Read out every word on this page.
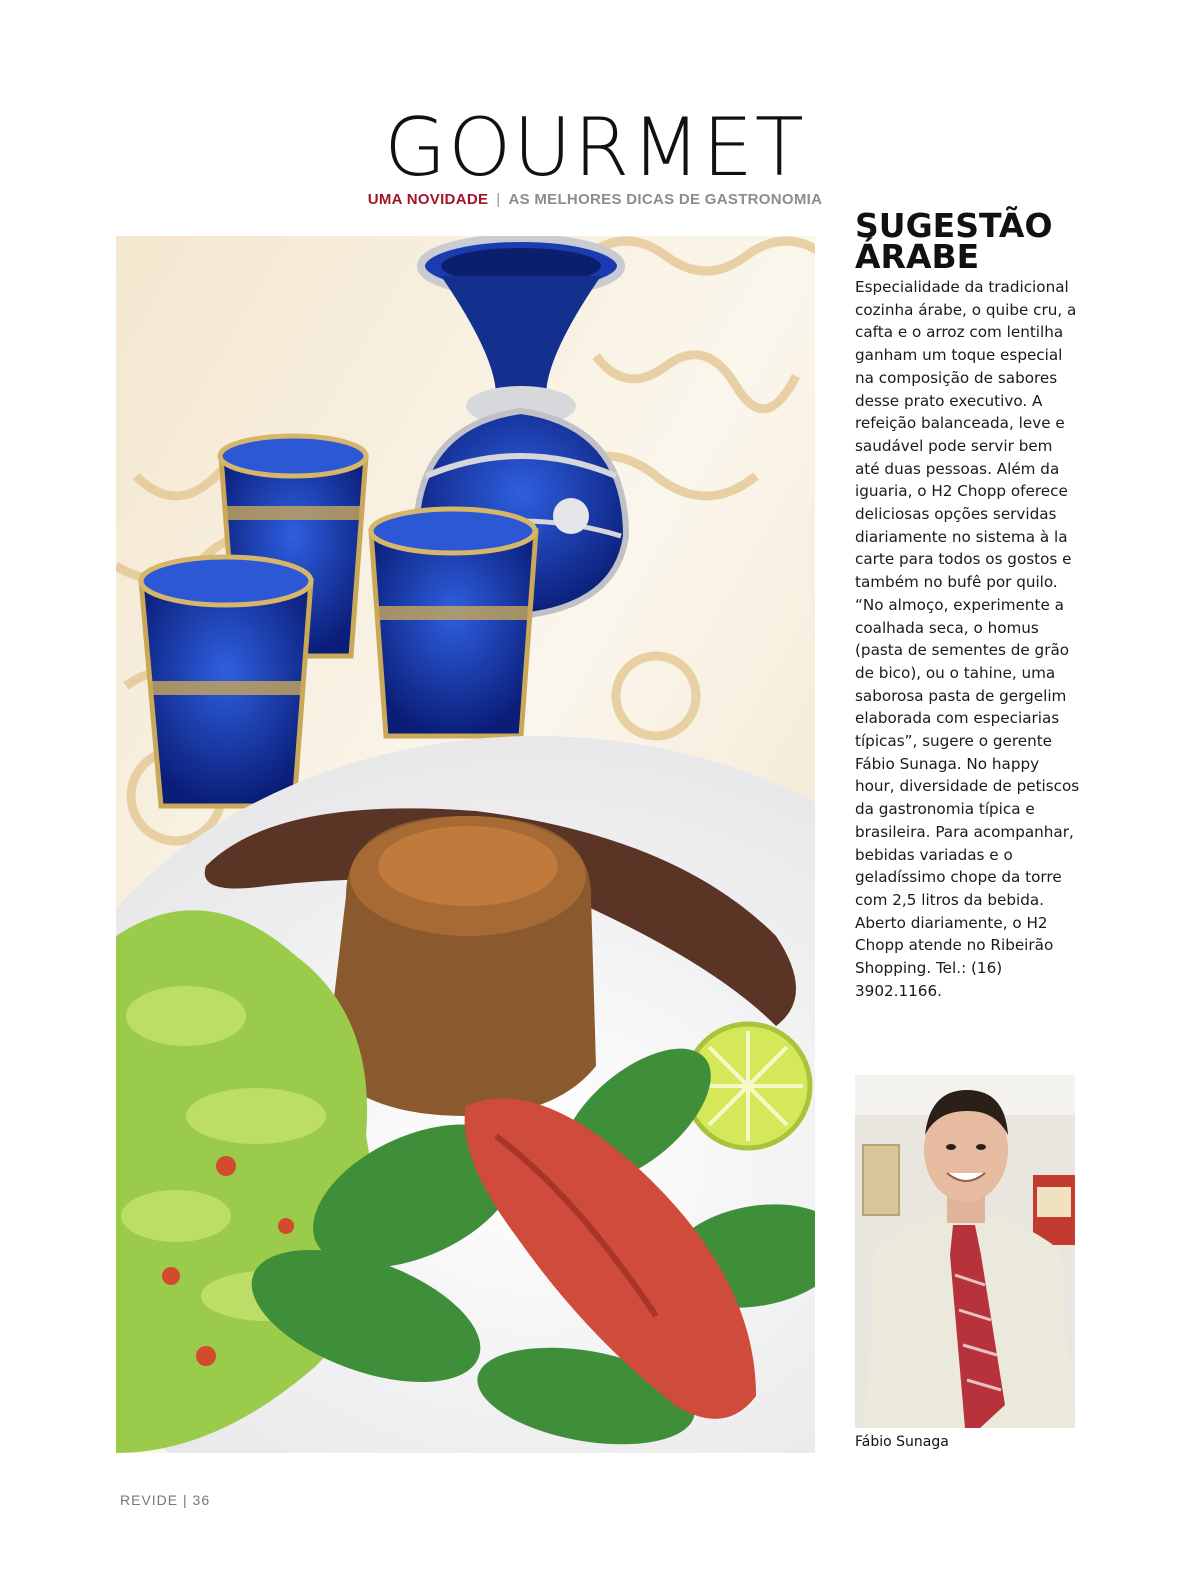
GOURMET
UMA NOVIDADE | AS MELHORES DICAS DE GASTRONOMIA
SUGESTÃO
ÁRABE

Especialidade da tradicional cozinha árabe, o quibe cru, a cafta e o arroz com lentilha ganham um toque especial na composição de sabores desse prato executivo. A refeição balanceada, leve e saudável pode servir bem até duas pessoas. Além da iguaria, o H2 Chopp oferece deliciosas opções servidas diariamente no sistema à la carte para todos os gostos e também no bufê por quilo. “No almoço, experimente a coalhada seca, o homus (pasta de sementes de grão de bico), ou o tahine, uma saborosa pasta de gergelim elaborada com especiarias típicas”, sugere o gerente Fábio Sunaga. No happy hour, diversidade de petiscos da gastronomia típica e brasileira. Para acompanhar, bebidas variadas e o geladíssimo chope da torre com 2,5 litros da bebida. Aberto diariamente, o H2 Chopp atende no Ribeirão Shopping. Tel.: (16) 3902.1166.

Fábio Sunaga
REVIDE | 36
